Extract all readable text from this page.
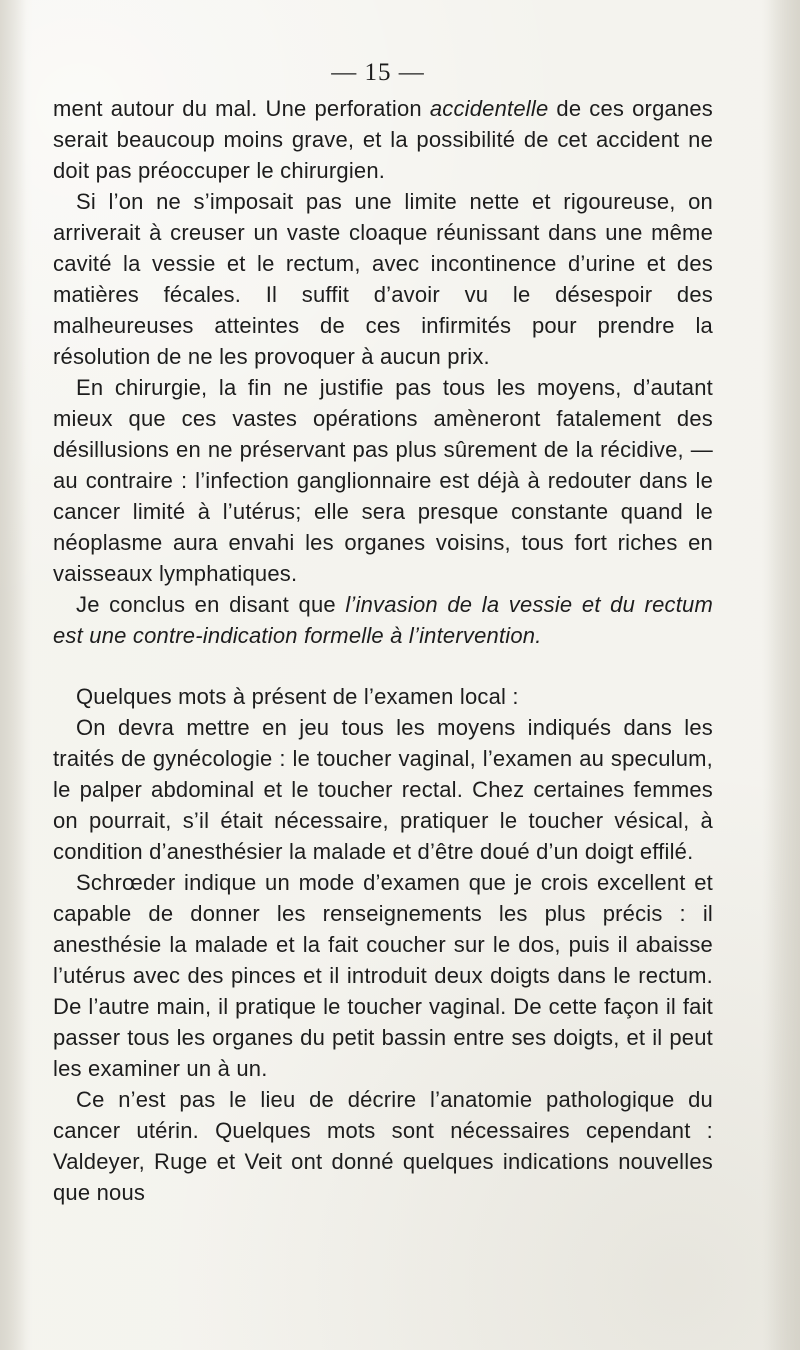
— 15 —

ment autour du mal. Une perforation accidentelle de ces organes serait beaucoup moins grave, et la possibilité de cet accident ne doit pas préoccuper le chirurgien.

Si l’on ne s’imposait pas une limite nette et rigoureuse, on arriverait à creuser un vaste cloaque réunissant dans une même cavité la vessie et le rectum, avec incontinence d’urine et des matières fécales. Il suffit d’avoir vu le désespoir des malheureuses atteintes de ces infirmités pour prendre la résolution de ne les provoquer à aucun prix.

En chirurgie, la fin ne justifie pas tous les moyens, d’autant mieux que ces vastes opérations amèneront fatalement des désillusions en ne préservant pas plus sûrement de la récidive, — au contraire : l’infection ganglionnaire est déjà à redouter dans le cancer limité à l’utérus; elle sera presque constante quand le néoplasme aura envahi les organes voisins, tous fort riches en vaisseaux lymphatiques.

Je conclus en disant que l’invasion de la vessie et du rectum est une contre-indication formelle à l’intervention.

Quelques mots à présent de l’examen local :

On devra mettre en jeu tous les moyens indiqués dans les traités de gynécologie : le toucher vaginal, l’examen au speculum, le palper abdominal et le toucher rectal. Chez certaines femmes on pourrait, s’il était nécessaire, pratiquer le toucher vésical, à condition d’anesthésier la malade et d’être doué d’un doigt effilé.

Schrœder indique un mode d’examen que je crois excellent et capable de donner les renseignements les plus précis : il anesthésie la malade et la fait coucher sur le dos, puis il abaisse l’utérus avec des pinces et il introduit deux doigts dans le rectum. De l’autre main, il pratique le toucher vaginal. De cette façon il fait passer tous les organes du petit bassin entre ses doigts, et il peut les examiner un à un.

Ce n’est pas le lieu de décrire l’anatomie pathologique du cancer utérin. Quelques mots sont nécessaires cependant : Valdeyer, Ruge et Veit ont donné quelques indications nouvelles que nous
